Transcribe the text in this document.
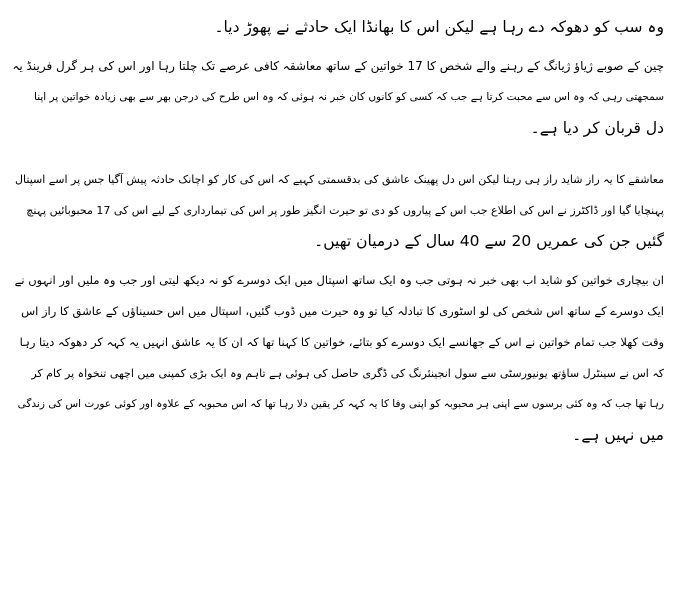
وہ سب کو دھوکہ دے رہا ہے لیکن اس کا بھانڈا ایک حادثے نے پھوڑ دیا۔

چین کے صوبے ژیاؤ ژیانگ کے رہنے والے شخص کا 17 خواتین کے ساتھ معاشقہ کافی عرصے تک چلتا رہا اور اس کی ہر گرل فرینڈ یہ
سمجھتی رہی کہ وہ اس سے محبت کرتا ہے جب کہ کسی کو کانوں کان خبر نہ ہوئی کہ وہ اس طرح کی درجن بھر سے بھی زیادہ خواتین پر اپنا
دل قربان کر دیا ہے۔

معاشقے کا یہ راز شاید راز ہی رہتا لیکن اس دل پھینک عاشق کی بدقسمتی کہیے کہ اس کی کار کو اچانک حادثہ پیش آگیا جس پر اسے اسپتال
پہنچایا گیا اور ڈاکٹرز نے اس کی اطلاع جب اس کے پیاروں کو دی تو حیرت انگیز طور پر اس کی تیمارداری کے لیے اس کی 17 محبوبائیں پہنچ
گئیں جن کی عمریں 20 سے 40 سال کے درمیان تھیں۔

ان بیچاری خواتین کو شاید اب بھی خبر نہ ہوتی جب وہ ایک ساتھ اسپتال میں ایک دوسرے کو نہ دیکھ لیتی اور جب وہ ملیں اور انہوں نے
ایک دوسرے کے ساتھ اس شخص کی لو اسٹوری کا تبادلہ کیا تو وہ حیرت میں ڈوب گئیں، اسپتال میں اس حسیناؤں کے عاشق کا راز اس
وقت کھلا جب تمام خواتین نے اس کے جھانسے ایک دوسرے کو بتائے، خواتین کا کہنا تھا کہ ان کا یہ عاشق انہیں یہ کہہ کر دھوکہ دیتا رہا
کہ اس نے سینٹرل ساؤتھ یونیورسٹی سے سول انجینئرنگ کی ڈگری حاصل کی ہوئی ہے تاہم وہ ایک بڑی کمپنی میں اچھی تنخواہ پر کام کر
رہا تھا جب کہ وہ کئی برسوں سے اپنی ہر محبوبہ کو اپنی وفا کا یہ کہہ کر یقین دلا رہا تھا کہ اس محبوبہ کے علاوہ اور کوئی عورت اس کی زندگی
میں نہیں ہے۔
